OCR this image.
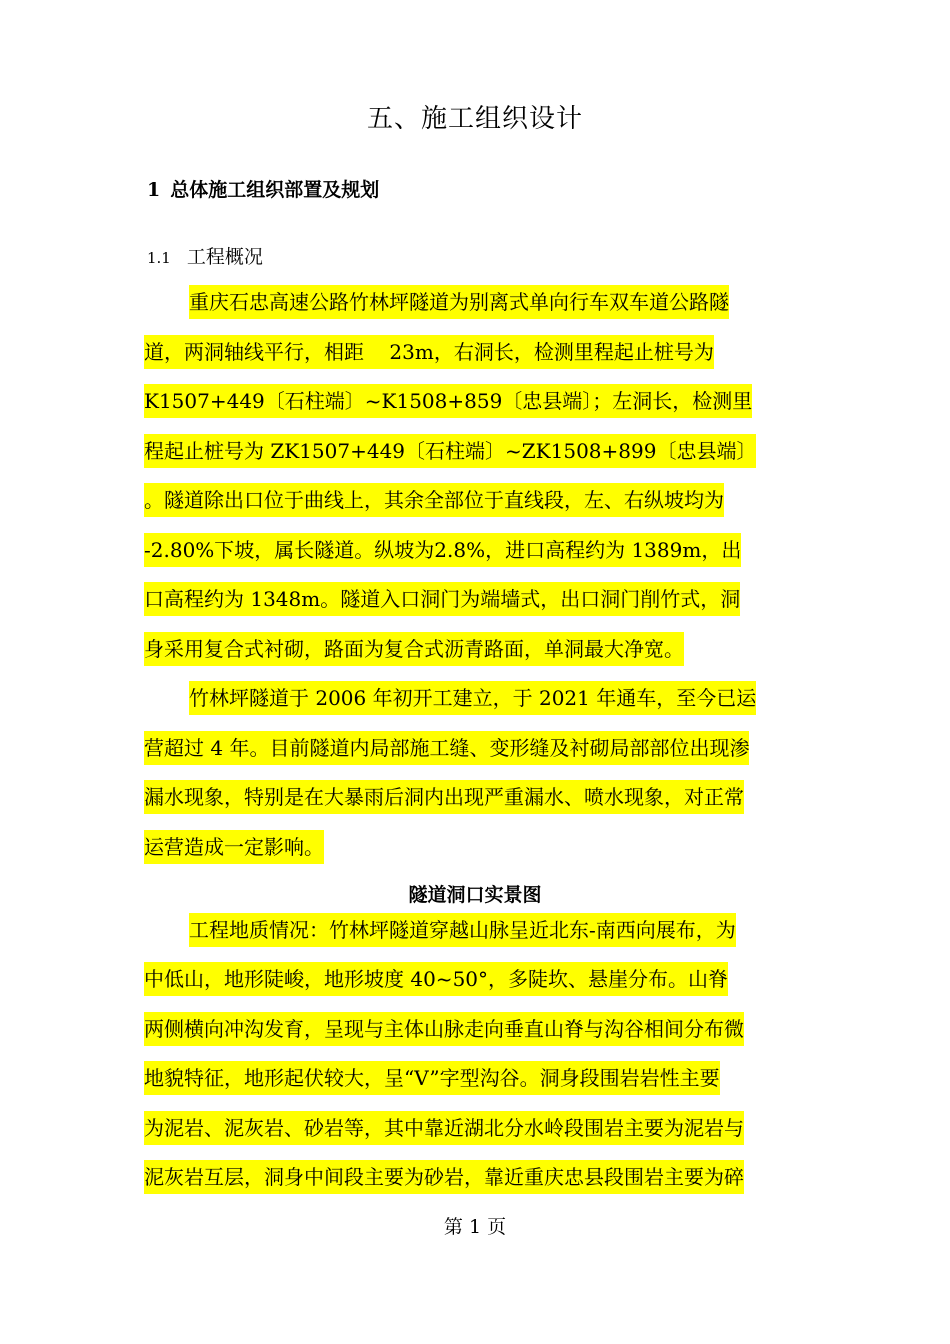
五、施工组织设计
1 总体施工组织部置及规划
1.1 工程概况
重庆石忠高速公路竹林坪隧道为别离式单向行车双车道公路隧
道，两洞轴线平行，相距    23m，右洞长，检测里程起止桩号为
K1507+449〔石柱端〕~K1508+859〔忠县端〕；左洞长，检测里
程起止桩号为 ZK1507+449〔石柱端〕~ZK1508+899〔忠县端〕
。隧道除出口位于曲线上，其余全部位于直线段，左、右纵坡均为
-2.80%下坡，属长隧道。纵坡为2.8%，进口高程约为 1389m，出
口高程约为 1348m。隧道入口洞门为端墙式，出口洞门削竹式，洞
身采用复合式衬砌，路面为复合式沥青路面，单洞最大净宽。
竹林坪隧道于 2006 年初开工建立，于 2021 年通车，至今已运
营超过 4 年。目前隧道内局部施工缝、变形缝及衬砌局部部位出现渗
漏水现象，特别是在大暴雨后洞内出现严重漏水、喷水现象，对正常
运营造成一定影响。
隧道洞口实景图
工程地质情况：竹林坪隧道穿越山脉呈近北东-南西向展布，为
中低山，地形陡峻，地形坡度 40~50°，多陡坎、悬崖分布。山脊
两侧横向冲沟发育，呈现与主体山脉走向垂直山脊与沟谷相间分布微
地貌特征，地形起伏较大，呈“V”字型沟谷。洞身段围岩岩性主要
为泥岩、泥灰岩、砂岩等，其中靠近湖北分水岭段围岩主要为泥岩与
泥灰岩互层，洞身中间段主要为砂岩，靠近重庆忠县段围岩主要为碎
第 1 页
